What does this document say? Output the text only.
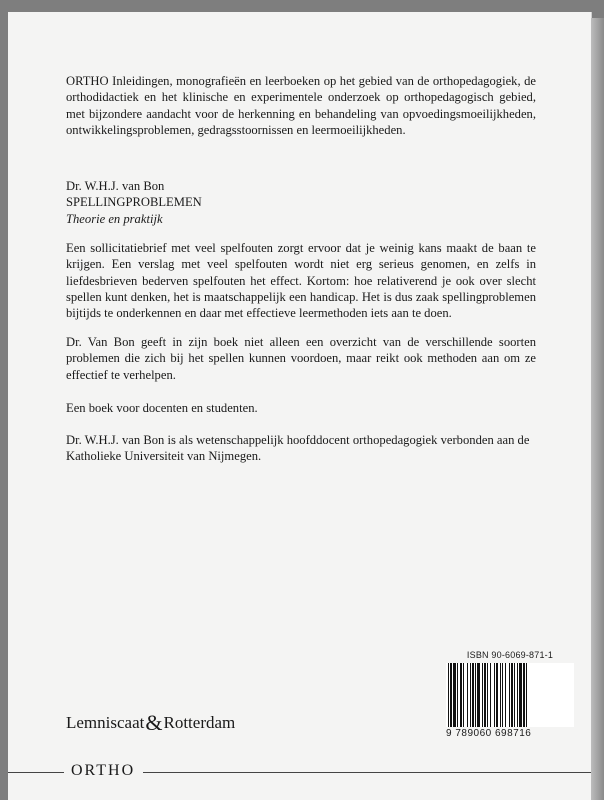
ORTHO Inleidingen, monografieën en leerboeken op het gebied van de orthopedagogiek, de orthodidactiek en het klinische en experimentele onderzoek op orthopedagogisch gebied, met bijzondere aandacht voor de herkenning en behandeling van opvoedingsmoeilijkheden, ontwikkelingsproblemen, gedragsstoornissen en leermoeilijkheden.

Dr. W.H.J. van Bon

SPELLINGPROBLEMEN

Theorie en praktijk

Een sollicitatiebrief met veel spelfouten zorgt ervoor dat je weinig kans maakt de baan te krijgen. Een verslag met veel spelfouten wordt niet erg serieus genomen, en zelfs in liefdesbrieven bederven spelfouten het effect. Kortom: hoe relativerend je ook over slecht spellen kunt denken, het is maatschappelijk een handicap. Het is dus zaak spellingproblemen bijtijds te onderkennen en daar met effectieve leermethoden iets aan te doen.

Dr. Van Bon geeft in zijn boek niet alleen een overzicht van de verschillende soorten problemen die zich bij het spellen kunnen voordoen, maar reikt ook methoden aan om ze effectief te verhelpen.

Een boek voor docenten en studenten.

Dr. W.H.J. van Bon is als wetenschappelijk hoofddocent orthopedagogiek verbonden aan de Katholieke Universiteit van Nijmegen.

ISBN 90-6069-871-1
9 789060 698716
Lemniscaat & Rotterdam
ORTHO
